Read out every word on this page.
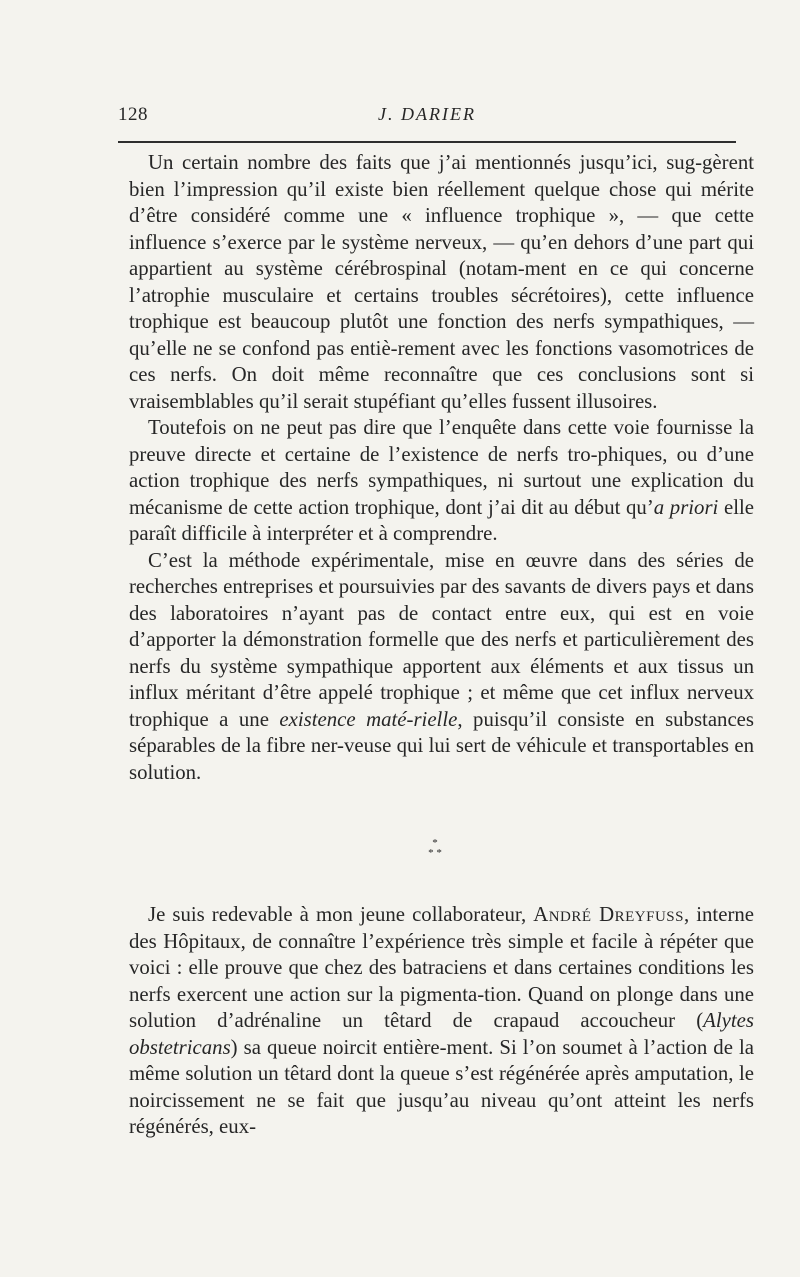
128	J. DARIER

Un certain nombre des faits que j’ai mentionnés jusqu’ici, sug-gèrent bien l’impression qu’il existe bien réellement quelque chose qui mérite d’être considéré comme une « influence trophique », — que cette influence s’exerce par le système nerveux, — qu’en dehors d’une part qui appartient au système cérébrospinal (notam-ment en ce qui concerne l’atrophie musculaire et certains troubles sécrétoires), cette influence trophique est beaucoup plutôt une fonction des nerfs sympathiques, — qu’elle ne se confond pas entiè-rement avec les fonctions vasomotrices de ces nerfs. On doit même reconnaître que ces conclusions sont si vraisemblables qu’il serait stupéfiant qu’elles fussent illusoires.

Toutefois on ne peut pas dire que l’enquête dans cette voie fournisse la preuve directe et certaine de l’existence de nerfs tro-phiques, ou d’une action trophique des nerfs sympathiques, ni surtout une explication du mécanisme de cette action trophique, dont j’ai dit au début qu’a priori elle paraît difficile à interpréter et à comprendre.

C’est la méthode expérimentale, mise en œuvre dans des séries de recherches entreprises et poursuivies par des savants de divers pays et dans des laboratoires n’ayant pas de contact entre eux, qui est en voie d’apporter la démonstration formelle que des nerfs et particulièrement des nerfs du système sympathique apportent aux éléments et aux tissus un influx méritant d’être appelé trophique ; et même que cet influx nerveux trophique a une existence maté-rielle, puisqu’il consiste en substances séparables de la fibre ner-veuse qui lui sert de véhicule et transportables en solution.

*
* *

Je suis redevable à mon jeune collaborateur, André Dreyfuss, interne des Hôpitaux, de connaître l’expérience très simple et facile à répéter que voici : elle prouve que chez des batraciens et dans certaines conditions les nerfs exercent une action sur la pigmenta-tion. Quand on plonge dans une solution d’adrénaline un têtard de crapaud accoucheur (Alytes obstetricans) sa queue noircit entière-ment. Si l’on soumet à l’action de la même solution un têtard dont la queue s’est régénérée après amputation, le noircissement ne se fait que jusqu’au niveau qu’ont atteint les nerfs régénérés, eux-
